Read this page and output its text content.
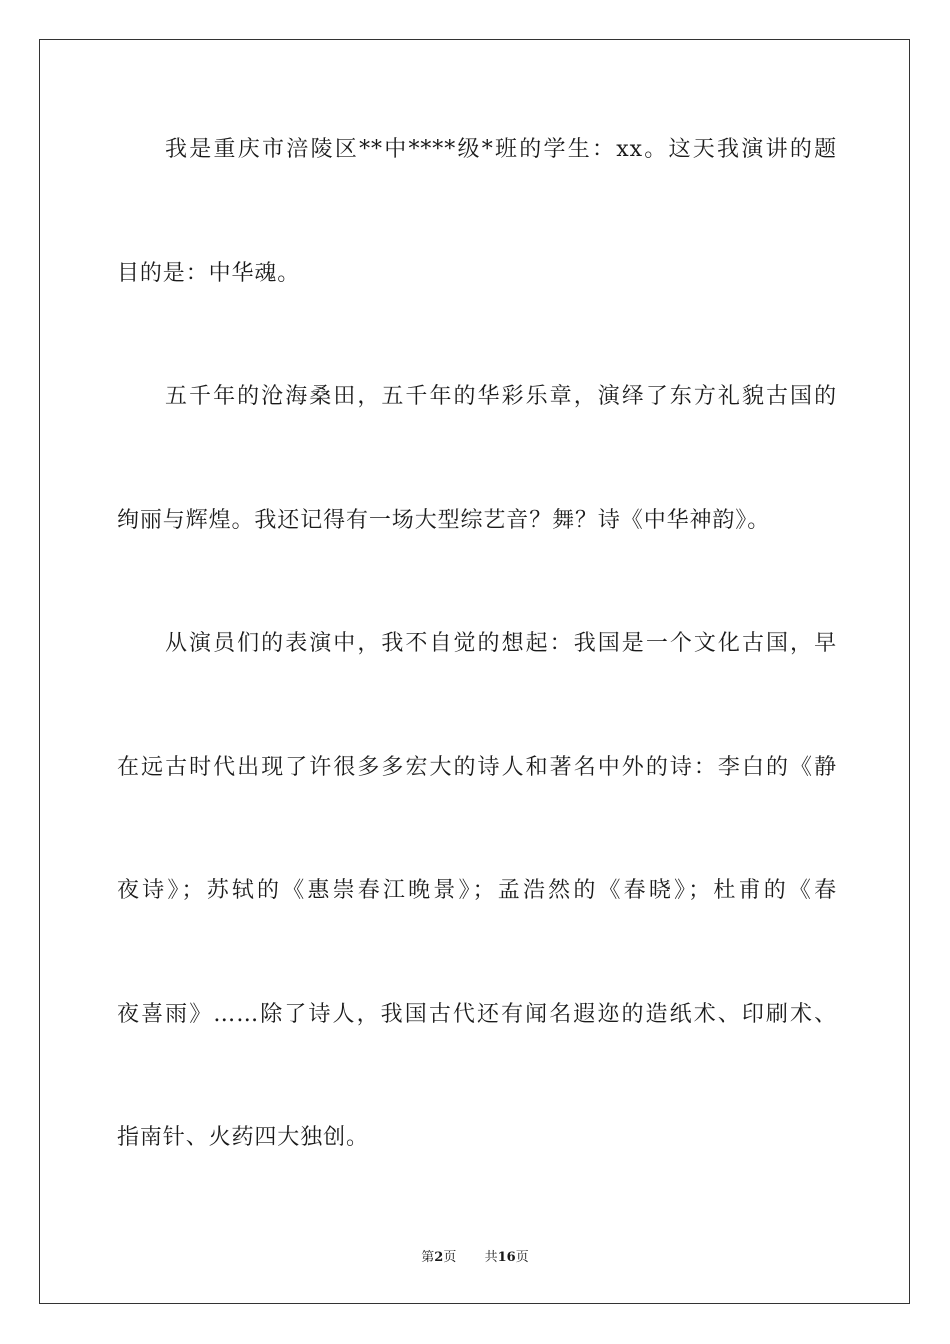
我是重庆市涪陵区**中****级*班的学生：xx。这天我演讲的题
目的是：中华魂。
五千年的沧海桑田，五千年的华彩乐章，演绎了东方礼貌古国的
绚丽与辉煌。我还记得有一场大型综艺音？舞？诗《中华神韵》。
从演员们的表演中，我不自觉的想起：我国是一个文化古国，早
在远古时代出现了许很多多宏大的诗人和著名中外的诗：李白的《静
夜诗》；苏轼的《惠崇春江晚景》；孟浩然的《春晓》；杜甫的《春
夜喜雨》……除了诗人，我国古代还有闻名遐迩的造纸术、印刷术、
指南针、火药四大独创。
第2页 共16页
